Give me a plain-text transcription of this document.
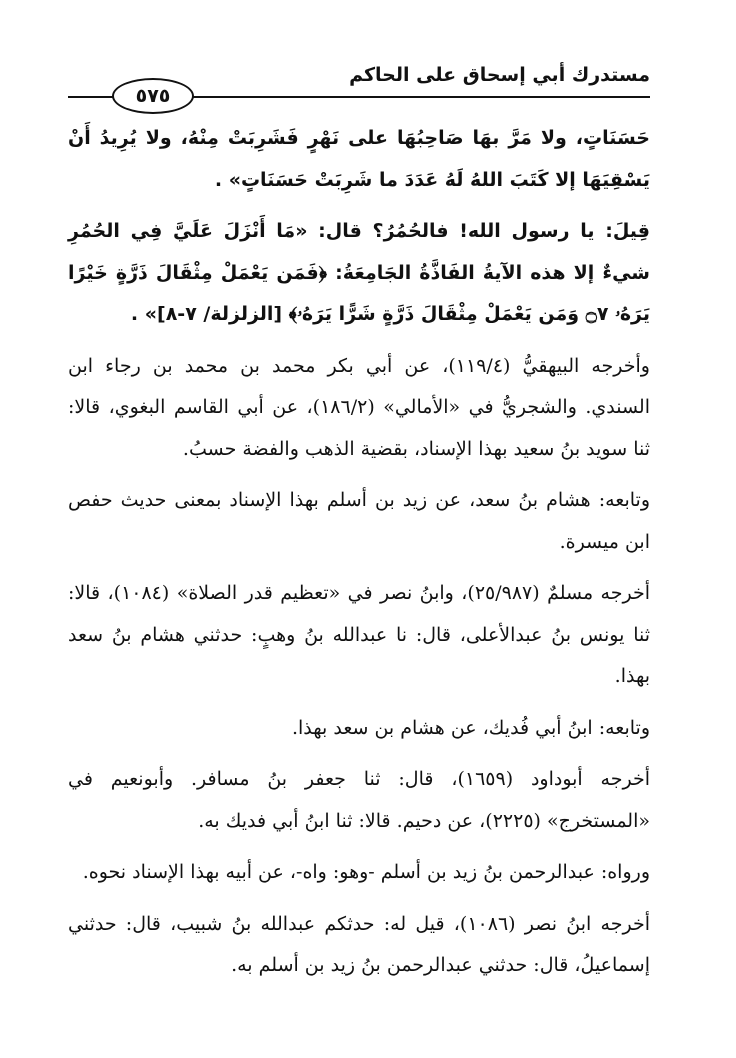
مستدرك أبي إسحاق على الحاكم
٥٧٥

حَسَنَاتٍ، ولا مَرَّ بهَا صَاحِبُهَا على نَهْرٍ فَشَرِبَتْ مِنْهُ، ولا يُرِيدُ أَنْ يَسْقِيَهَا إلا كَتَبَ اللهُ لَهُ عَدَدَ ما شَرِبَتْ حَسَنَاتٍ» .

قِيلَ: يا رسول الله! فالحُمُرُ؟ قال: «مَا أَنْزَلَ عَلَيَّ فِي الحُمُرِ شيءٌ إلا هذه الآيةُ الفَاذَّةُ الجَامِعَةُ: ﴿فَمَن يَعْمَلْ مِثْقَالَ ذَرَّةٍ خَيْرًا يَرَهُۥ ۝٧ وَمَن يَعْمَلْ مِثْقَالَ ذَرَّةٍ شَرًّا يَرَهُۥ﴾ [الزلزلة/ ٧-٨]» .

وأخرجه البيهقيُّ (١١٩/٤)، عن أبي بكر محمد بن محمد بن رجاء ابن السندي. والشجريُّ في «الأمالي» (١٨٦/٢)، عن أبي القاسم البغوي، قالا: ثنا سويد بنُ سعيد بهذا الإسناد، بقضية الذهب والفضة حسبُ.

وتابعه: هشام بنُ سعد، عن زيد بن أسلم بهذا الإسناد بمعنى حديث حفص ابن ميسرة.

أخرجه مسلمٌ (٢٥/٩٨٧)، وابنُ نصر في «تعظيم قدر الصلاة» (١٠٨٤)، قالا: ثنا يونس بنُ عبدالأعلى، قال: نا عبدالله بنُ وهبٍ: حدثني هشام بنُ سعد بهذا.

وتابعه: ابنُ أبي فُديك، عن هشام بن سعد بهذا.

أخرجه أبوداود (١٦٥٩)، قال: ثنا جعفر بنُ مسافر. وأبونعيم في «المستخرج» (٢٢٢٥)، عن دحيم. قالا: ثنا ابنُ أبي فديك به.

ورواه: عبدالرحمن بنُ زيد بن أسلم -وهو: واه-، عن أبيه بهذا الإسناد نحوه.

أخرجه ابنُ نصر (١٠٨٦)، قيل له: حدثكم عبدالله بنُ شبيب، قال: حدثني إسماعيلُ، قال: حدثني عبدالرحمن بنُ زيد بن أسلم به.
